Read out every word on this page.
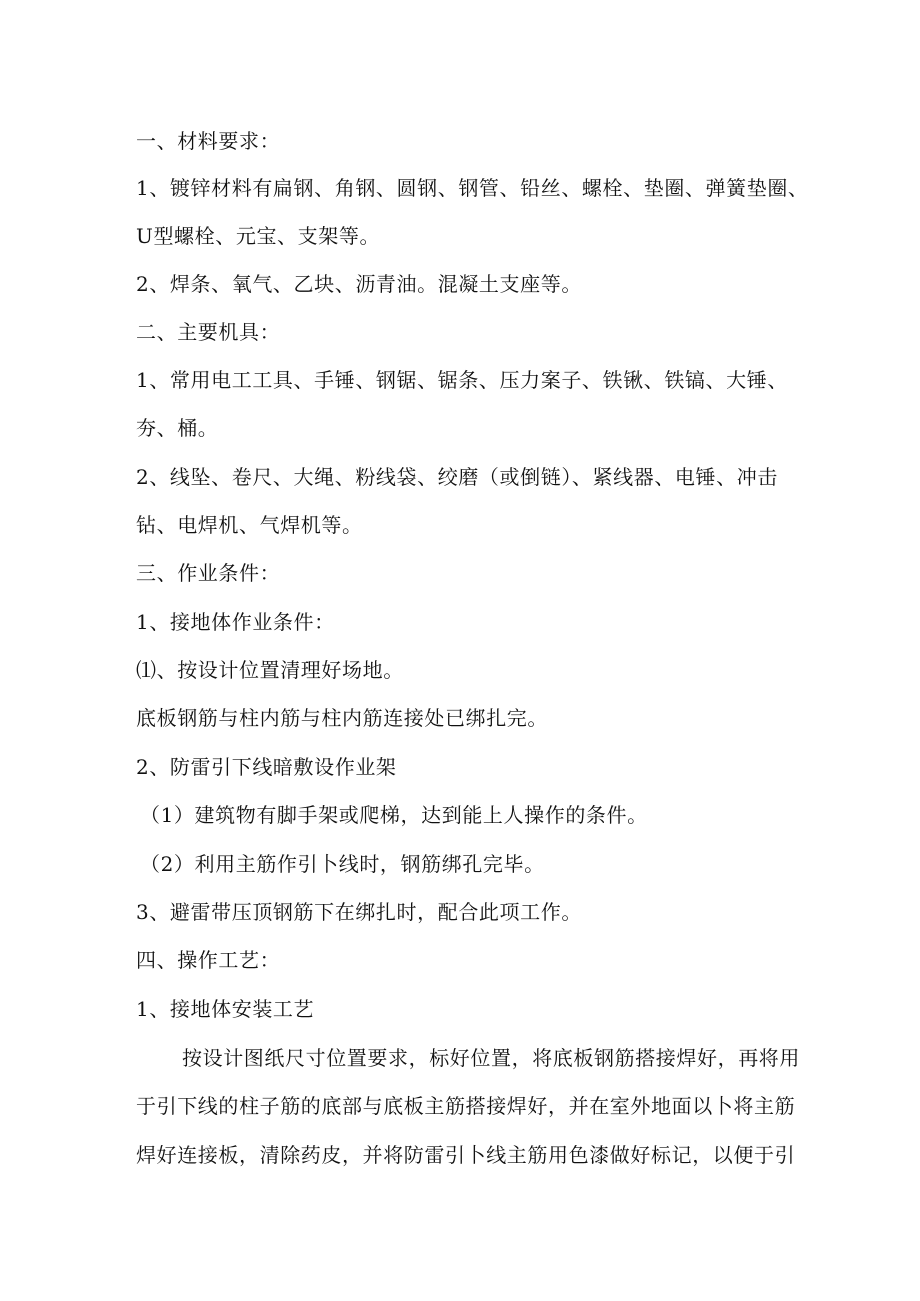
一、材料要求：
1、镀锌材料有扁钢、角钢、圆钢、钢管、铅丝、螺栓、垫圈、弹簧垫圈、
U型螺栓、元宝、支架等。
2、焊条、氧气、乙块、沥青油。混凝土支座等。
二、主要机具：
1、常用电工工具、手锤、钢锯、锯条、压力案子、铁锹、铁镐、大锤、
夯、桶。
2、线坠、卷尺、大绳、粉线袋、绞磨（或倒链）、紧线器、电锤、冲击
钻、电焊机、气焊机等。
三、作业条件：
1、接地体作业条件：
⑴、按设计位置清理好场地。
底板钢筋与柱内筋与柱内筋连接处已绑扎完。
2、防雷引下线暗敷设作业架
（1）建筑物有脚手架或爬梯，达到能上人操作的条件。
（2）利用主筋作引卜线时，钢筋绑孔完毕。
3、避雷带压顶钢筋下在绑扎时，配合此项工作。
四、操作工艺：
1、接地体安装工艺
按设计图纸尺寸位置要求，标好位置，将底板钢筋搭接焊好，再将用
于引下线的柱子筋的底部与底板主筋搭接焊好，并在室外地面以卜将主筋
焊好连接板，清除药皮，并将防雷引卜线主筋用色漆做好标记，以便于引
